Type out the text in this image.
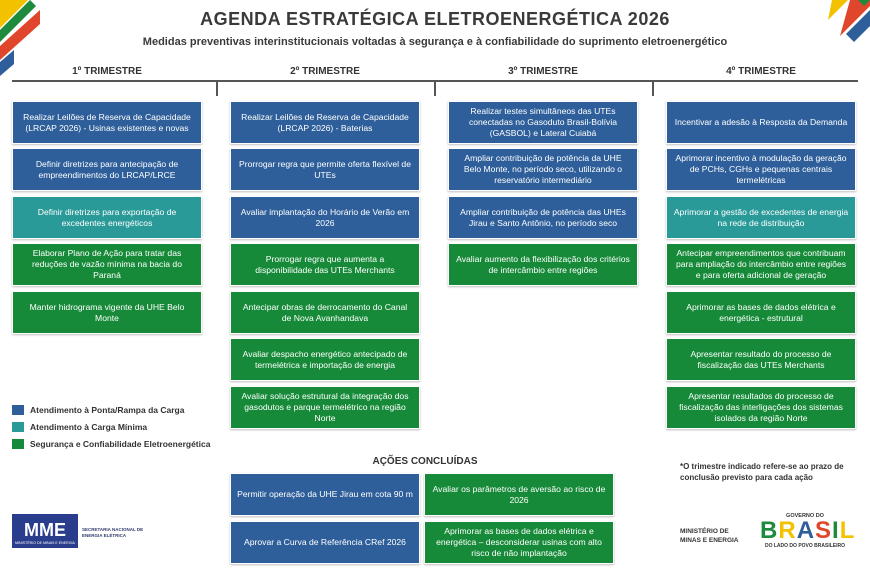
AGENDA ESTRATÉGICA ELETROENERGÉTICA 2026
Medidas preventivas interinstitucionais voltadas à segurança e à confiabilidade do suprimento eletroenergético
1º TRIMESTRE	2º TRIMESTRE	3º TRIMESTRE	4º TRIMESTRE
Realizar Leilões de Reserva de Capacidade (LRCAP 2026) - Usinas existentes e novas
Definir diretrizes para antecipação de empreendimentos do LRCAP/LRCE
Definir diretrizes para exportação de excedentes energéticos
Elaborar Plano de Ação para tratar das reduções de vazão mínima na bacia do Paraná
Manter hidrograma vigente da UHE Belo Monte
Realizar Leilões de Reserva de Capacidade (LRCAP 2026) - Baterias
Prorrogar regra que permite oferta flexível de UTEs
Avaliar implantação do Horário de Verão em 2026
Prorrogar regra que aumenta a disponibilidade das UTEs Merchants
Antecipar obras de derrocamento do Canal de Nova Avanhandava
Avaliar despacho energético antecipado de termelétrica e importação de energia
Avaliar solução estrutural da integração dos gasodutos e parque termelétrico na região Norte
Realizar testes simultâneos das UTEs conectadas no Gasoduto Brasil-Bolívia (GASBOL) e Lateral Cuiabá
Ampliar contribuição de potência da UHE Belo Monte, no período seco, utilizando o reservatório intermediário
Ampliar contribuição de potência das UHEs Jirau e Santo Antônio, no período seco
Avaliar aumento da flexibilização dos critérios de intercâmbio entre regiões
Incentivar a adesão à Resposta da Demanda
Aprimorar incentivo à modulação da geração de PCHs, CGHs e pequenas centrais termelétricas
Aprimorar a gestão de excedentes de energia na rede de distribuição
Antecipar empreendimentos que contribuam para ampliação do intercâmbio entre regiões e para oferta adicional de geração
Aprimorar as bases de dados elétrica e energética - estrutural
Apresentar resultado do processo de fiscalização das UTEs Merchants
Apresentar resultados do processo de fiscalização das interligações dos sistemas isolados da região Norte
Atendimento à Ponta/Rampa da Carga
Atendimento à Carga Mínima
Segurança e Confiabilidade Eletroenergética
AÇÕES CONCLUÍDAS
Permitir operação da UHE Jirau em cota 90 m
Avaliar os parâmetros de aversão ao risco de 2026
Aprovar a Curva de Referência CRef 2026
Aprimorar as bases de dados elétrica e energética – desconsiderar usinas com alto risco de não implantação
*O trimestre indicado refere-se ao prazo de conclusão previsto para cada ação
MME
MINISTÉRIO DE MINAS E ENERGIA
SECRETARIA NACIONAL DE ENERGIA ELÉTRICA
MINISTÉRIO DE
MINAS E ENERGIA
GOVERNO DO
BRASIL
DO LADO DO POVO BRASILEIRO
